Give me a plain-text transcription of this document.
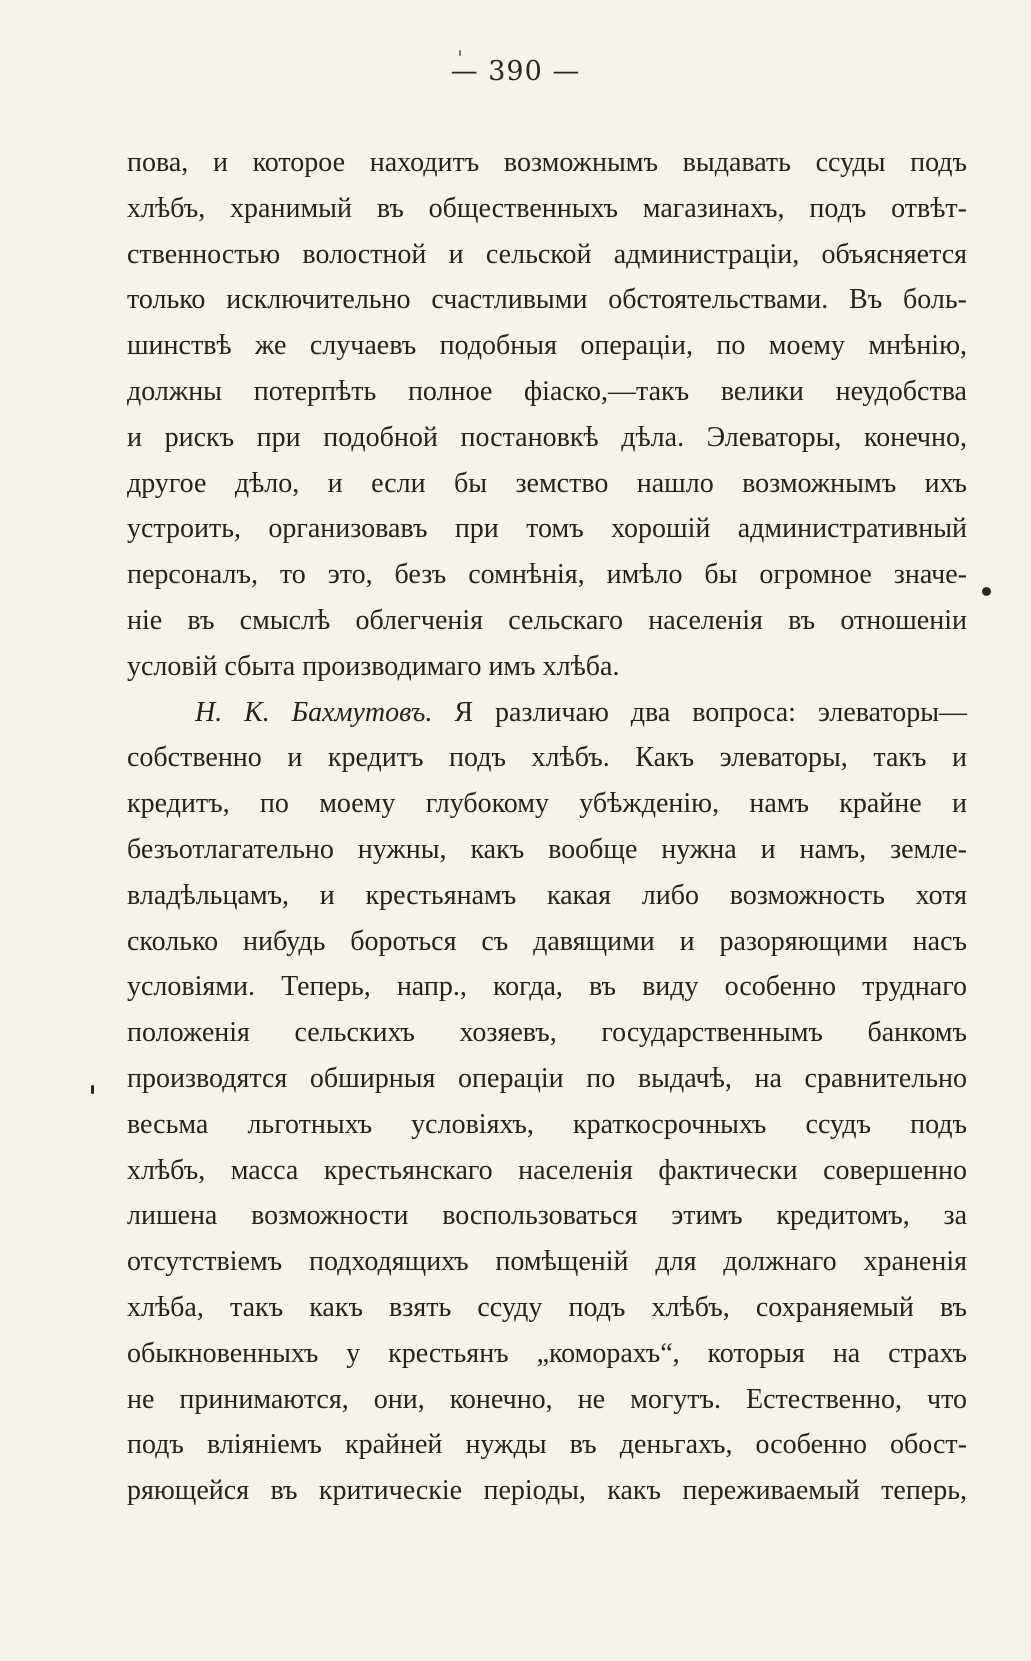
— 390 —
пова, и которое находитъ возможнымъ выдавать ссуды подъ
хлѣбъ, хранимый въ общественныхъ магазинахъ, подъ отвѣт-
ственностью волостной и сельской администраціи, объясняется
только исключительно счастливыми обстоятельствами. Въ боль-
шинствѣ же случаевъ подобныя операціи, по моему мнѣнію,
должны потерпѣть полное фіаско,—такъ велики неудобства
и рискъ при подобной постановкѣ дѣла. Элеваторы, конечно,
другое дѣло, и если бы земство нашло возможнымъ ихъ
устроить, организовавъ при томъ хорошій административный
персоналъ, то это, безъ сомнѣнія, имѣло бы огромное значе-
ніе въ смыслѣ облегченія сельскаго населенія въ отношеніи
условій сбыта производимаго имъ хлѣба.
Н. К. Бахмутовъ. Я различаю два вопроса: элеваторы—
собственно и кредитъ подъ хлѣбъ. Какъ элеваторы, такъ и
кредитъ, по моему глубокому убѣжденію, намъ крайне и
безъотлагательно нужны, какъ вообще нужна и намъ, земле-
владѣльцамъ, и крестьянамъ какая либо возможность хотя
сколько нибудь бороться съ давящими и разоряющими насъ
условіями. Теперь, напр., когда, въ виду особенно труднаго
положенія сельскихъ хозяевъ, государственнымъ банкомъ
производятся обширныя операціи по выдачѣ, на сравнительно
весьма льготныхъ условіяхъ, краткосрочныхъ ссудъ подъ
хлѣбъ, масса крестьянскаго населенія фактически совершенно
лишена возможности воспользоваться этимъ кредитомъ, за
отсутствіемъ подходящихъ помѣщеній для должнаго храненія
хлѣба, такъ какъ взять ссуду подъ хлѣбъ, сохраняемый въ
обыкновенныхъ у крестьянъ „коморахъ“, которыя на страхъ
не принимаются, они, конечно, не могутъ. Естественно, что
подъ вліяніемъ крайней нужды въ деньгахъ, особенно обост-
ряющейся въ критическіе періоды, какъ переживаемый теперь,
